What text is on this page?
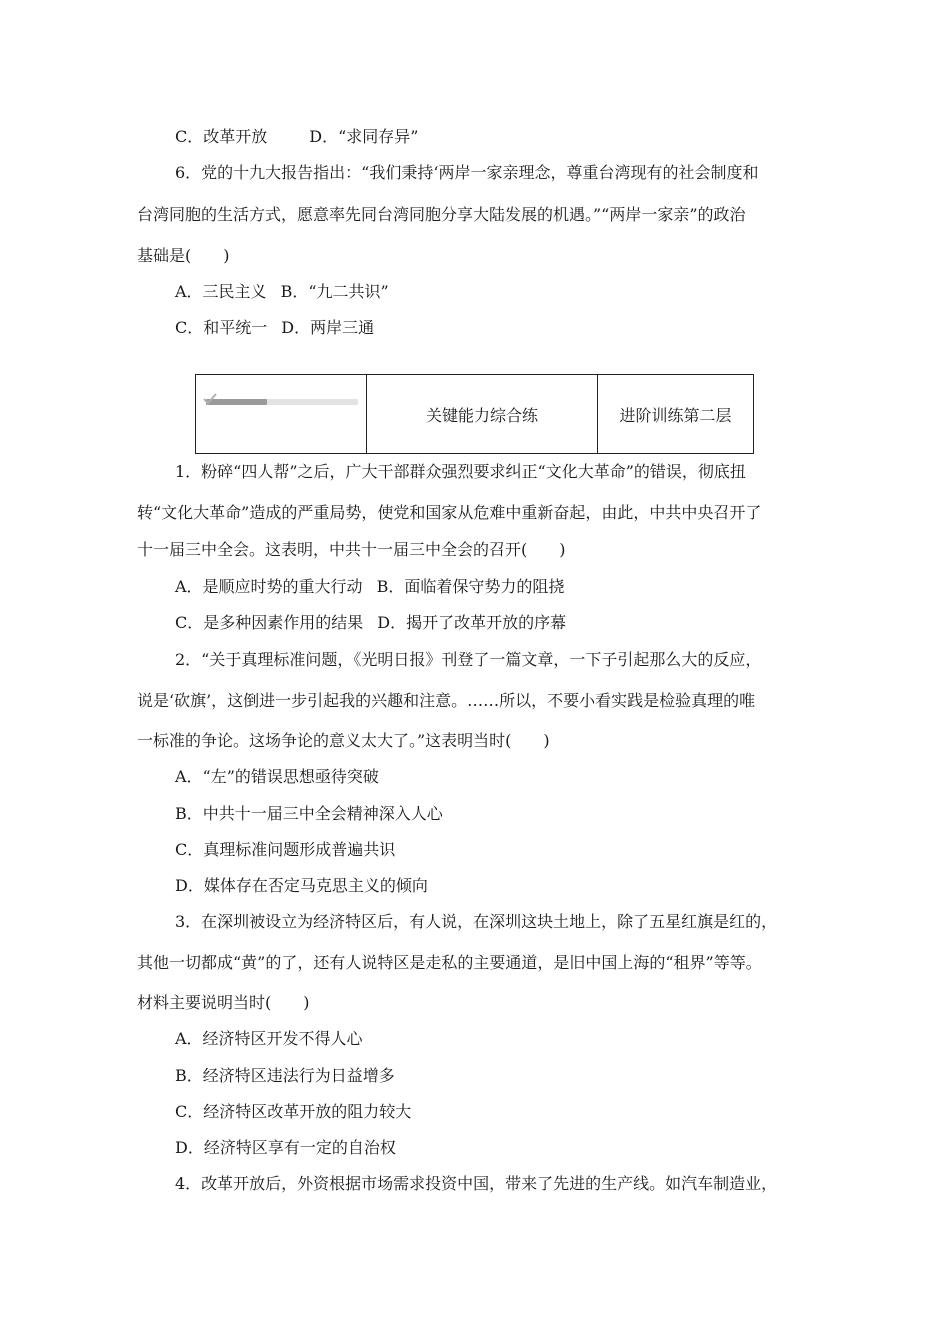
C．改革开放	D．“求同存异”
6．党的十九大报告指出：“我们秉持‘两岸一家亲理念，尊重台湾现有的社会制度和
台湾同胞的生活方式，愿意率先同台湾同胞分享大陆发展的机遇。”“两岸一家亲”的政治
基础是(　　)
A．三民主义 B．“九二共识”
C．和平统一 D．两岸三通
关键能力综合练	进阶训练第二层
1．粉碎“四人帮”之后，广大干部群众强烈要求纠正“文化大革命”的错误，彻底扭
转“文化大革命”造成的严重局势，使党和国家从危难中重新奋起，由此，中共中央召开了
十一届三中全会。这表明，中共十一届三中全会的召开(　　)
A．是顺应时势的重大行动 B．面临着保守势力的阻挠
C．是多种因素作用的结果 D．揭开了改革开放的序幕
2．“关于真理标准问题，《光明日报》刊登了一篇文章，一下子引起那么大的反应，
说是‘砍旗’，这倒进一步引起我的兴趣和注意。……所以，不要小看实践是检验真理的唯
一标准的争论。这场争论的意义太大了。”这表明当时(　　)
A．“左”的错误思想亟待突破
B．中共十一届三中全会精神深入人心
C．真理标准问题形成普遍共识
D．媒体存在否定马克思主义的倾向
3．在深圳被设立为经济特区后，有人说，在深圳这块土地上，除了五星红旗是红的，
其他一切都成“黄”的了，还有人说特区是走私的主要通道，是旧中国上海的“租界”等等。
材料主要说明当时(　　)
A．经济特区开发不得人心
B．经济特区违法行为日益增多
C．经济特区改革开放的阻力较大
D．经济特区享有一定的自治权
4．改革开放后，外资根据市场需求投资中国，带来了先进的生产线。如汽车制造业，
